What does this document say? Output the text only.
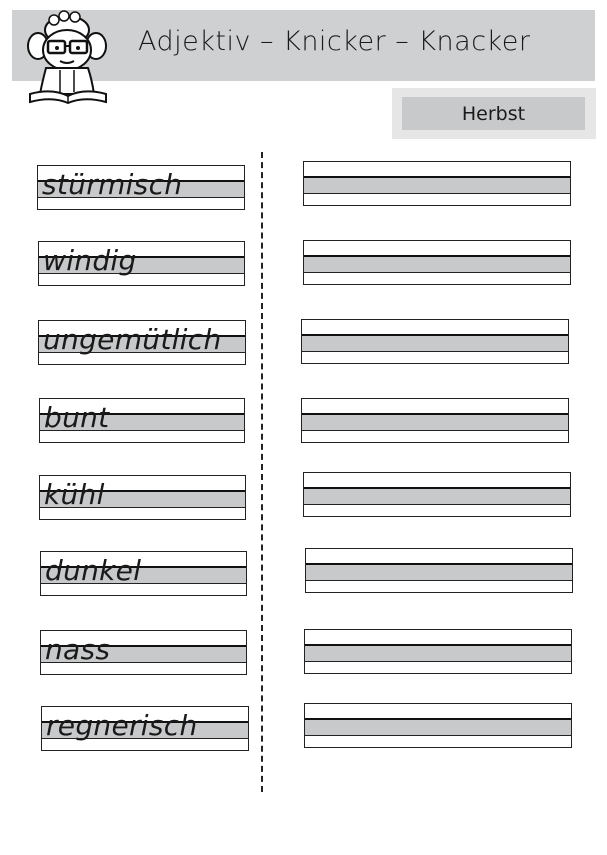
Adjektiv – Knicker – Knacker
Herbst
stürmisch
windig
ungemütlich
bunt
kühl
dunkel
nass
regnerisch
